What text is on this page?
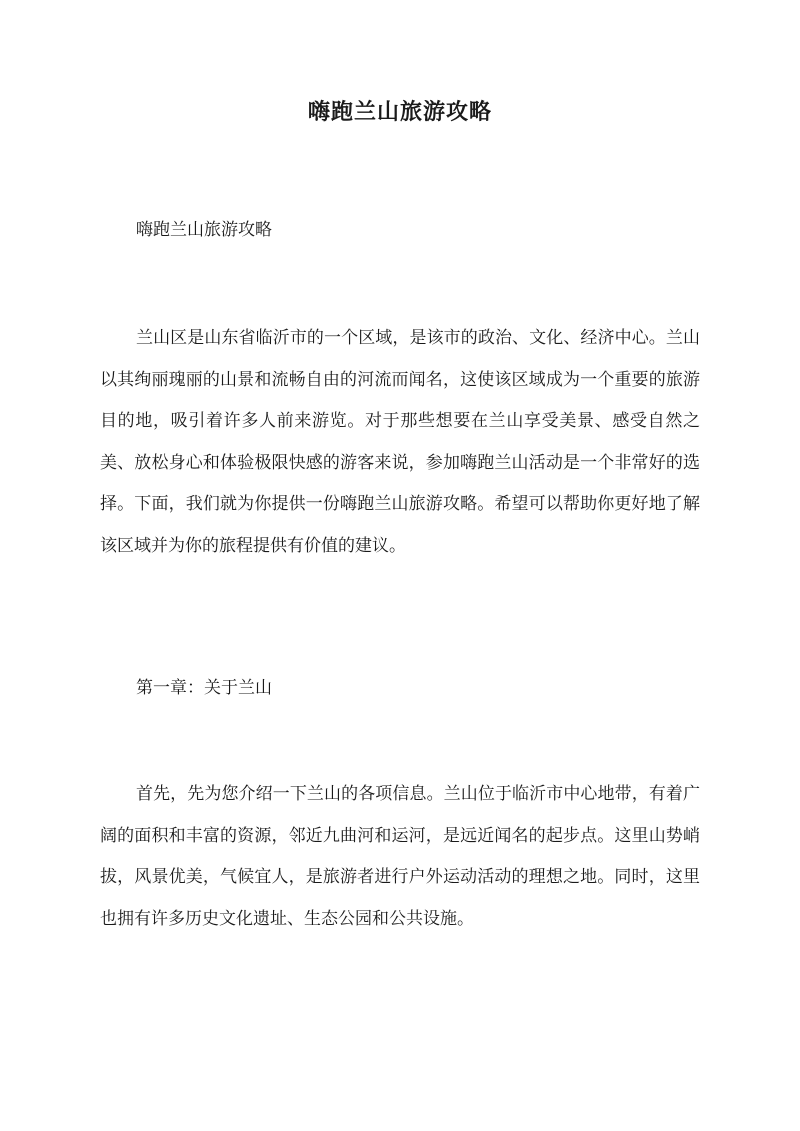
嗨跑兰山旅游攻略
嗨跑兰山旅游攻略

兰山区是山东省临沂市的一个区域，是该市的政治、文化、经济中心。兰山以其绚丽瑰丽的山景和流畅自由的河流而闻名，这使该区域成为一个重要的旅游目的地，吸引着许多人前来游览。对于那些想要在兰山享受美景、感受自然之美、放松身心和体验极限快感的游客来说，参加嗨跑兰山活动是一个非常好的选择。下面，我们就为你提供一份嗨跑兰山旅游攻略。希望可以帮助你更好地了解该区域并为你的旅程提供有价值的建议。

第一章：关于兰山

首先，先为您介绍一下兰山的各项信息。兰山位于临沂市中心地带，有着广阔的面积和丰富的资源，邻近九曲河和运河，是远近闻名的起步点。这里山势峭拔，风景优美，气候宜人，是旅游者进行户外运动活动的理想之地。同时，这里也拥有许多历史文化遗址、生态公园和公共设施。
